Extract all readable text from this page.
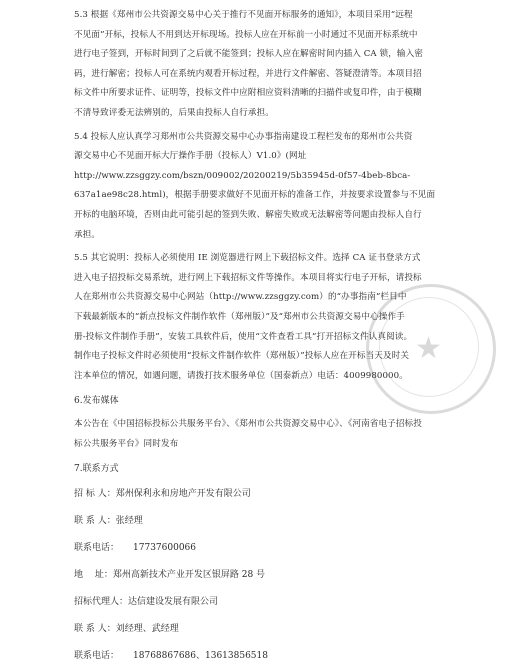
5.3 根据《郑州市公共资源交易中心关于推行不见面开标服务的通知》，本项目采用“远程
不见面”开标，投标人不用到达开标现场。投标人应在开标前一小时通过不见面开标系统中
进行电子签到，开标时间到了之后就不能签到；投标人应在解密时间内插入 CA 锁，输入密
码，进行解密；投标人可在系统内观看开标过程，并进行文件解密、答疑澄清等。本项目招
标文件中所要求证件、证明等，投标文件中应附相应资料清晰的扫描件或复印件，由于模糊
不清导致评委无法辨别的，后果由投标人自行承担。
5.4 投标人应认真学习郑州市公共资源交易中心办事指南建设工程栏发布的郑州市公共资
源交易中心不见面开标大厅操作手册（投标人）V1.0》(网址
http://www.zzsggzy.com/bszn/009002/20200219/5b35945d-0f57-4beb-8bca-
637a1ae98c28.html)，根据手册要求做好不见面开标的准备工作，并按要求设置参与不见面
开标的电脑环境，否则由此可能引起的签到失败、解密失败或无法解密等问题由投标人自行
承担。
5.5 其它说明：投标人必须使用 IE 浏览器进行网上下载招标文件。选择 CA 证书登录方式
进入电子招投标交易系统，进行网上下载招标文件等操作。本项目将实行电子开标，请投标
人在郑州市公共资源交易中心网站（http://www.zzsggzy.com）的“办事指南”栏目中
下载最新版本的“新点投标文件制作软件（郑州版）”及“郑州市公共资源交易中心操作手
册-投标文件制作手册”，安装工具软件后，使用“文件查看工具”打开招标文件认真阅读。
制作电子投标文件时必须使用“投标文件制作软件（郑州版）”投标人应在开标当天及时关
注本单位的情况，如遇问题，请拨打技术服务单位（国泰新点）电话：4009980000。
6.发布媒体
本公告在《中国招标投标公共服务平台》、《郑州市公共资源交易中心》、《河南省电子招标投
标公共服务平台》同时发布
7.联系方式
招 标 人：郑州保利永和房地产开发有限公司
联 系 人：张经理
联系电话： 17737600066
地　 址：郑州高新技术产业开发区银屏路 28 号
招标代理人：达信建设发展有限公司
联 系 人：刘经理、武经理
联系电话： 18768867686、13613856518
★
